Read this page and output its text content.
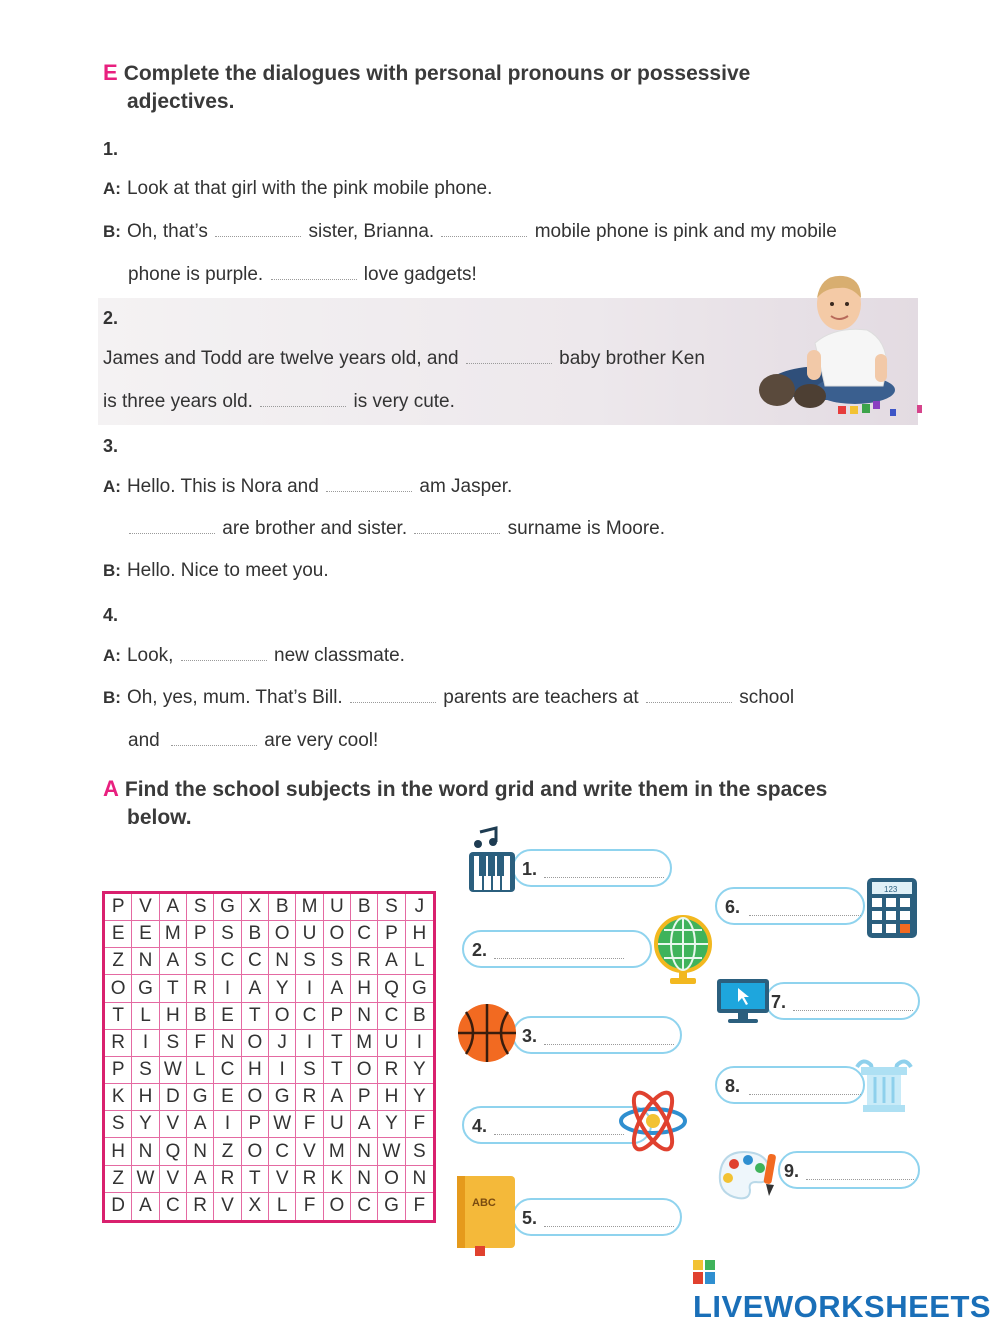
E Complete the dialogues with personal pronouns or possessive
adjectives.
1.
A: Look at that girl with the pink mobile phone.
B: Oh, that’s	sister, Brianna.	mobile phone is pink and my mobile
phone is purple.	love gadgets!
2.
James and Todd are twelve years old, and	baby brother Ken
is three years old.	is very cute.
3.
A: Hello. This is Nora and	am Jasper.
are brother and sister.	surname is Moore.
B: Hello. Nice to meet you.
4.
A: Look,	new classmate.
B: Oh, yes, mum. That’s Bill.	parents are teachers at	school
and	are very cool!
A Find the school subjects in the word grid and write them in the spaces
below.
P V A S G X B M U B S J
E E M P S B O U O C P H
Z N A S C C N S S R A L
O G T R I A Y I A H Q G
T L H B E T O C P N C B
R I S F N O J	I T M U I
P S W L C H I S T O R Y
K H D G E O G R A P H Y
S Y V A I P W F U A Y F
H N Q N Z O C V M N W S
Z W V A R T V R K N O N
D A C R V X L F O C G F
1.
2.
3.
4.
5.
6.
7.
8.
9.
ABC
123
LIVEWORKSHEETS
